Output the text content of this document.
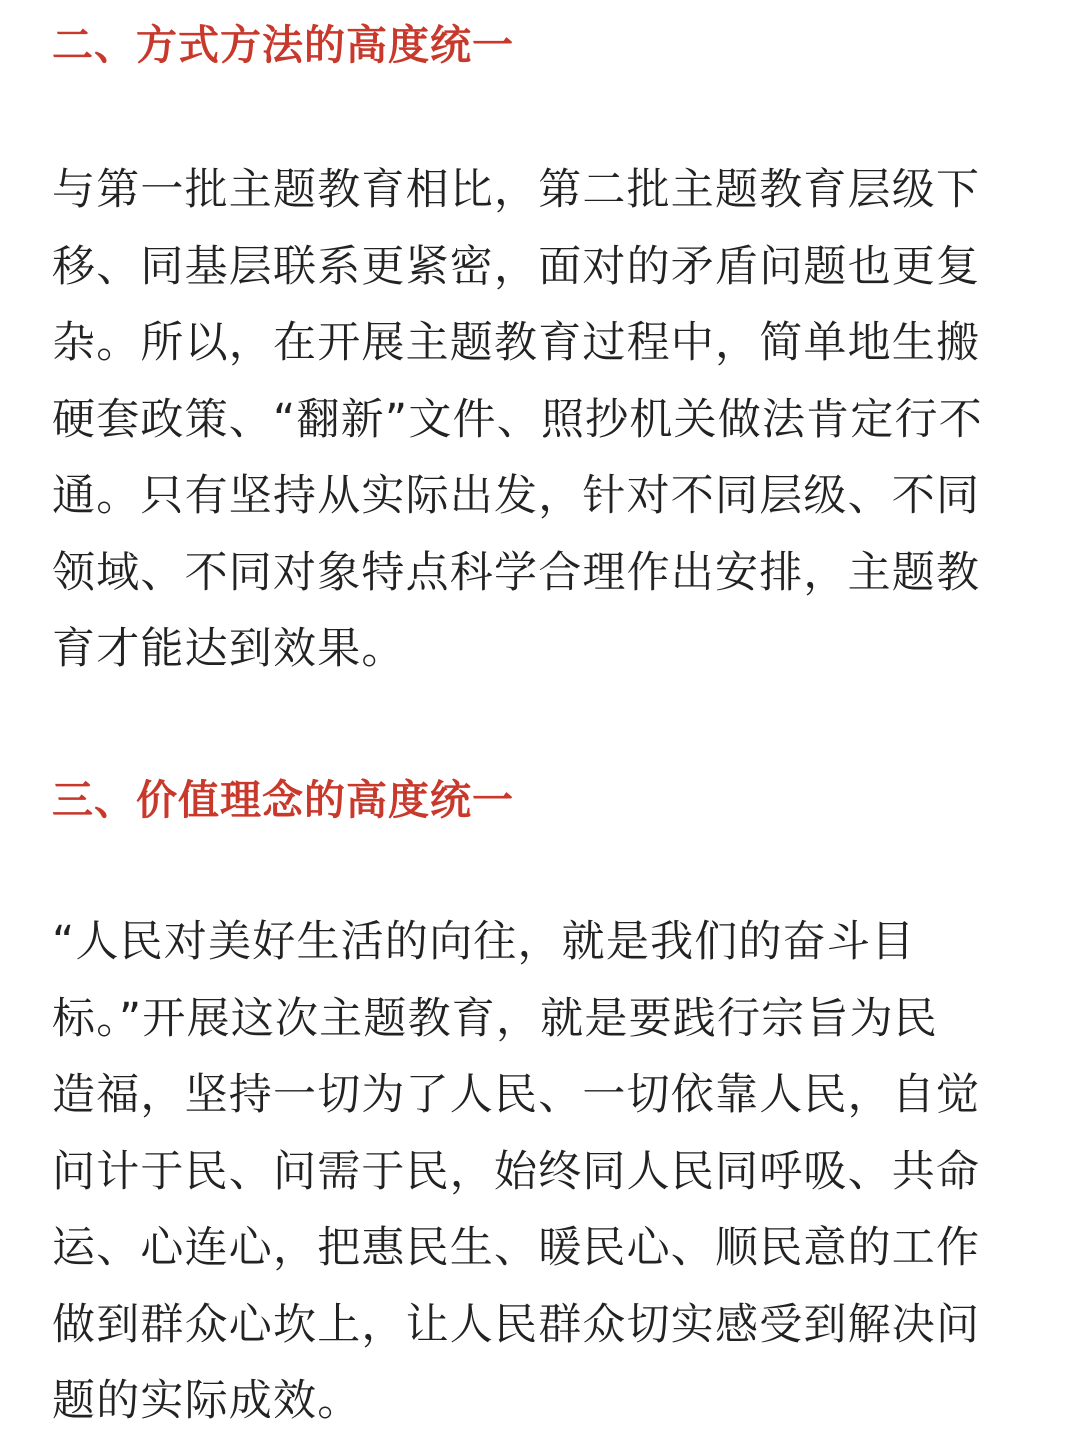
二、方式方法的高度统一

与第一批主题教育相比，第二批主题教育层级下
移、同基层联系更紧密，面对的矛盾问题也更复
杂。所以，在开展主题教育过程中，简单地生搬
硬套政策、“翻新”文件、照抄机关做法肯定行不
通。只有坚持从实际出发，针对不同层级、不同
领域、不同对象特点科学合理作出安排，主题教
育才能达到效果。

三、价值理念的高度统一

“人民对美好生活的向往，就是我们的奋斗目
标。”开展这次主题教育，就是要践行宗旨为民
造福，坚持一切为了人民、一切依靠人民，自觉
问计于民、问需于民，始终同人民同呼吸、共命
运、心连心，把惠民生、暖民心、顺民意的工作
做到群众心坎上，让人民群众切实感受到解决问
题的实际成效。
